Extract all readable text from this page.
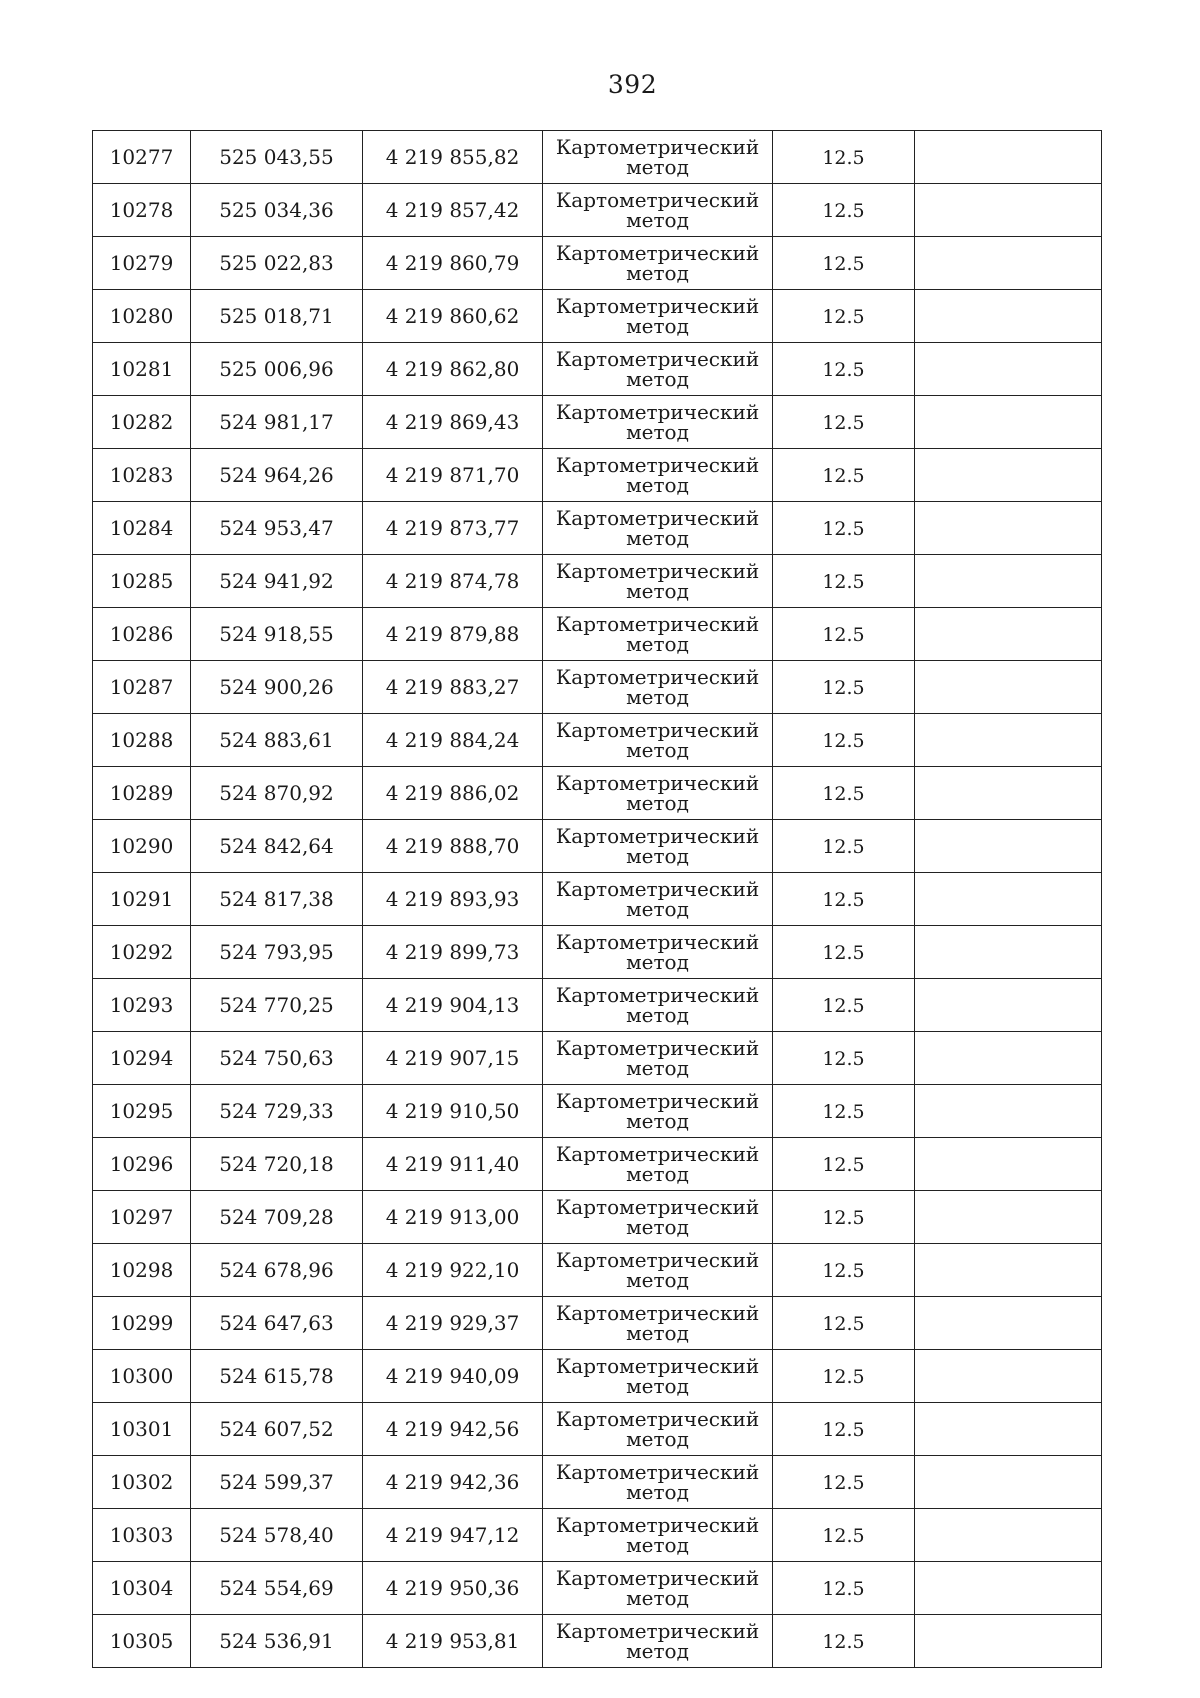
392
10277	525 043,55	4 219 855,82	Картометрический
метод	12.5	
10278	525 034,36	4 219 857,42	Картометрический
метод	12.5	
10279	525 022,83	4 219 860,79	Картометрический
метод	12.5	
10280	525 018,71	4 219 860,62	Картометрический
метод	12.5	
10281	525 006,96	4 219 862,80	Картометрический
метод	12.5	
10282	524 981,17	4 219 869,43	Картометрический
метод	12.5	
10283	524 964,26	4 219 871,70	Картометрический
метод	12.5	
10284	524 953,47	4 219 873,77	Картометрический
метод	12.5	
10285	524 941,92	4 219 874,78	Картометрический
метод	12.5	
10286	524 918,55	4 219 879,88	Картометрический
метод	12.5	
10287	524 900,26	4 219 883,27	Картометрический
метод	12.5	
10288	524 883,61	4 219 884,24	Картометрический
метод	12.5	
10289	524 870,92	4 219 886,02	Картометрический
метод	12.5	
10290	524 842,64	4 219 888,70	Картометрический
метод	12.5	
10291	524 817,38	4 219 893,93	Картометрический
метод	12.5	
10292	524 793,95	4 219 899,73	Картометрический
метод	12.5	
10293	524 770,25	4 219 904,13	Картометрический
метод	12.5	
10294	524 750,63	4 219 907,15	Картометрический
метод	12.5	
10295	524 729,33	4 219 910,50	Картометрический
метод	12.5	
10296	524 720,18	4 219 911,40	Картометрический
метод	12.5	
10297	524 709,28	4 219 913,00	Картометрический
метод	12.5	
10298	524 678,96	4 219 922,10	Картометрический
метод	12.5	
10299	524 647,63	4 219 929,37	Картометрический
метод	12.5	
10300	524 615,78	4 219 940,09	Картометрический
метод	12.5	
10301	524 607,52	4 219 942,56	Картометрический
метод	12.5	
10302	524 599,37	4 219 942,36	Картометрический
метод	12.5	
10303	524 578,40	4 219 947,12	Картометрический
метод	12.5	
10304	524 554,69	4 219 950,36	Картометрический
метод	12.5	
10305	524 536,91	4 219 953,81	Картометрический
метод	12.5	
